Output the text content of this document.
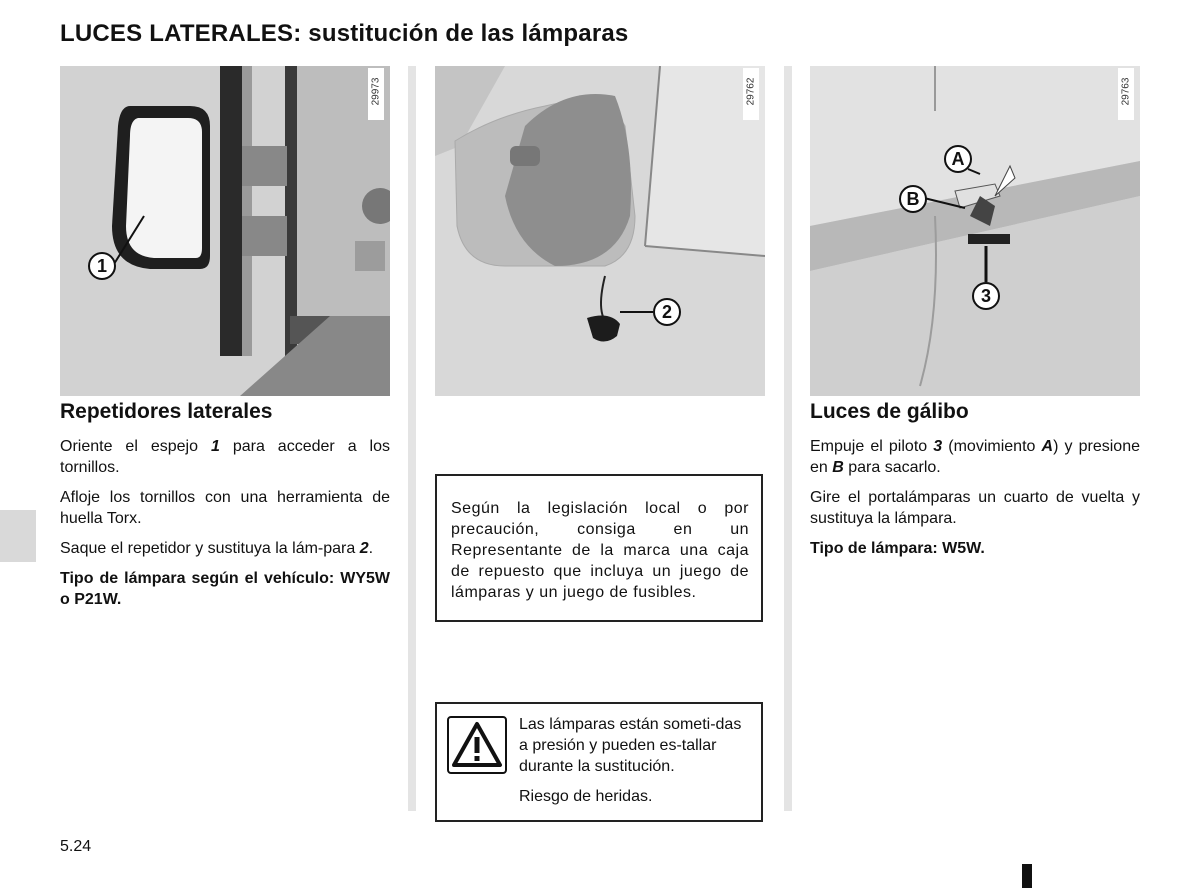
LUCES LATERALES: sustitución de las lámparas
29973
1
29762
2
29763
A
B
3
Repetidores laterales

Oriente el espejo 1 para acceder a los tornillos.

Afloje los tornillos con una herramienta de huella Torx.

Saque el repetidor y sustituya la lám-para 2.

Tipo de lámpara según el vehículo: WY5W o P21W.

Según la legislación local o por precaución, consiga en un Representante de la marca una caja de repuesto que incluya un juego de lámparas y un juego de fusibles.

Las lámparas están someti-das a presión y pueden es-tallar durante la sustitución.

Riesgo de heridas.

Luces de gálibo

Empuje el piloto 3 (movimiento A) y presione en B para sacarlo.

Gire el portalámparas un cuarto de vuelta y sustituya la lámpara.

Tipo de lámpara: W5W.

5.24
